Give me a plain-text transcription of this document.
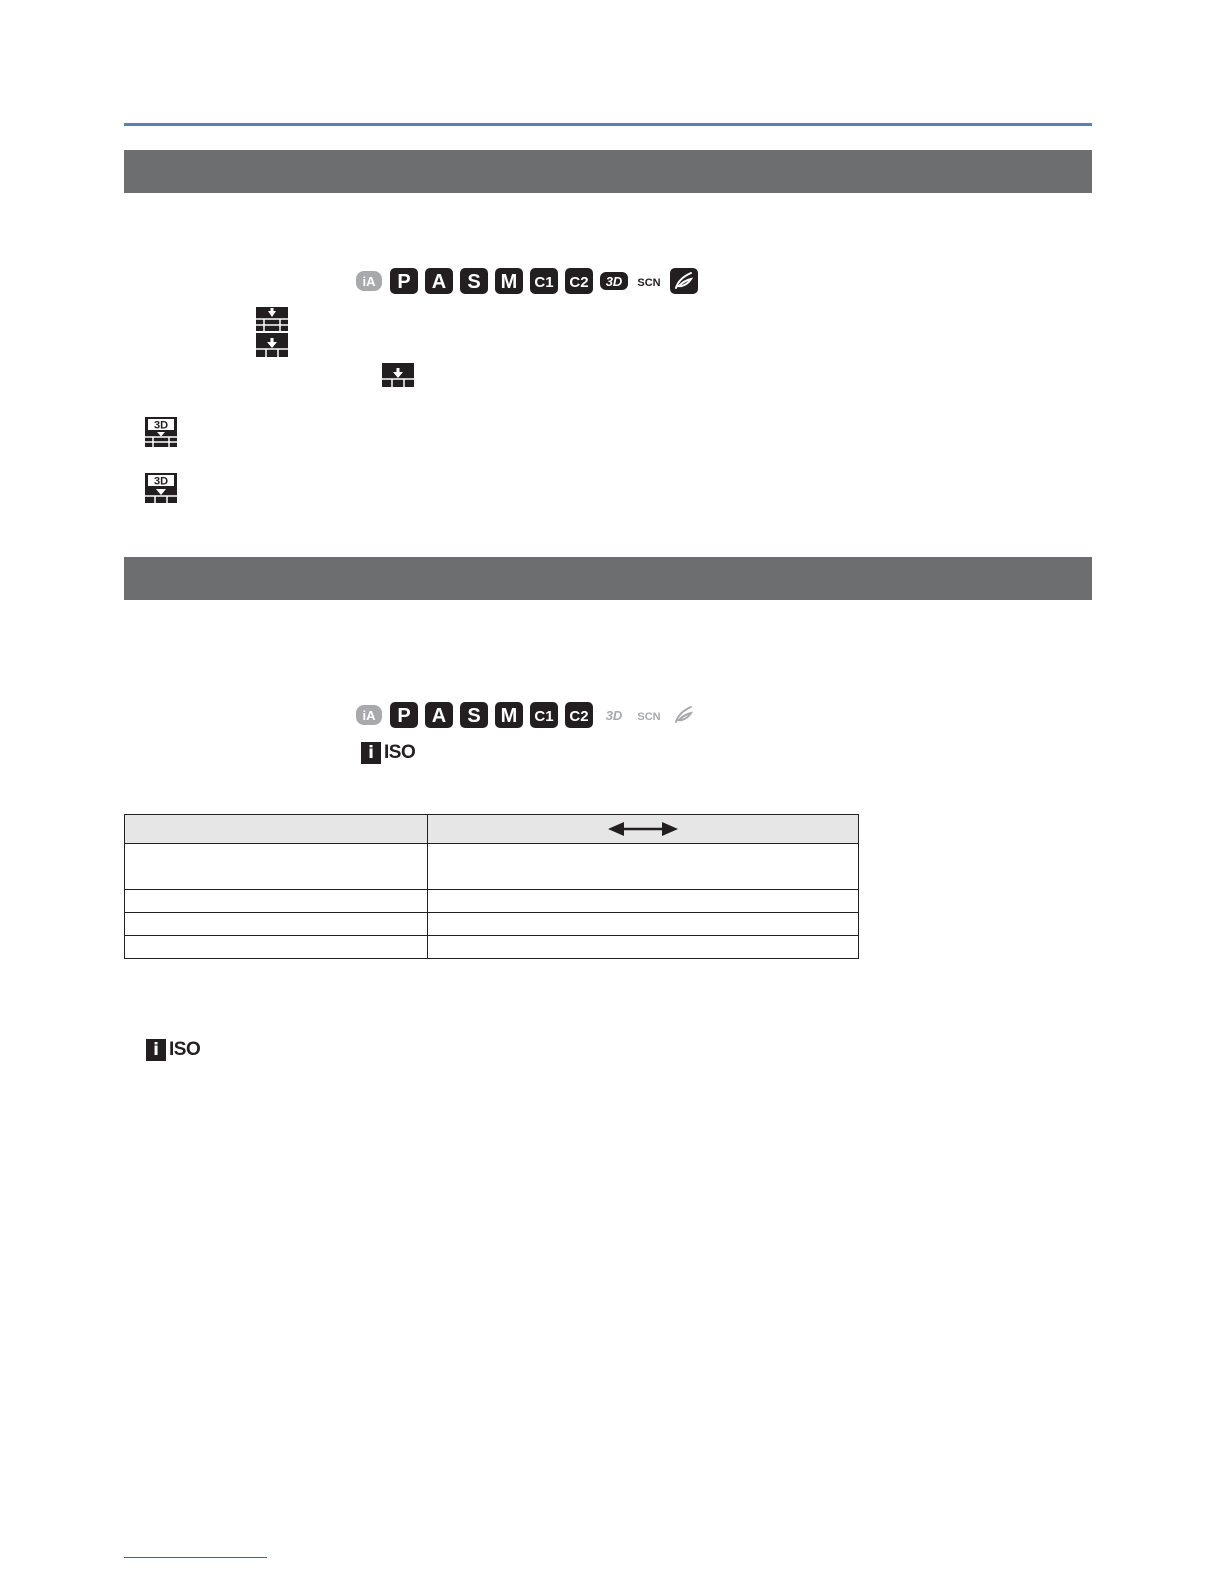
iA P A S M C1 C2 3D SCN
3D
3D
iA P A S M C1 C2 3D SCN
i ISO

i ISO
